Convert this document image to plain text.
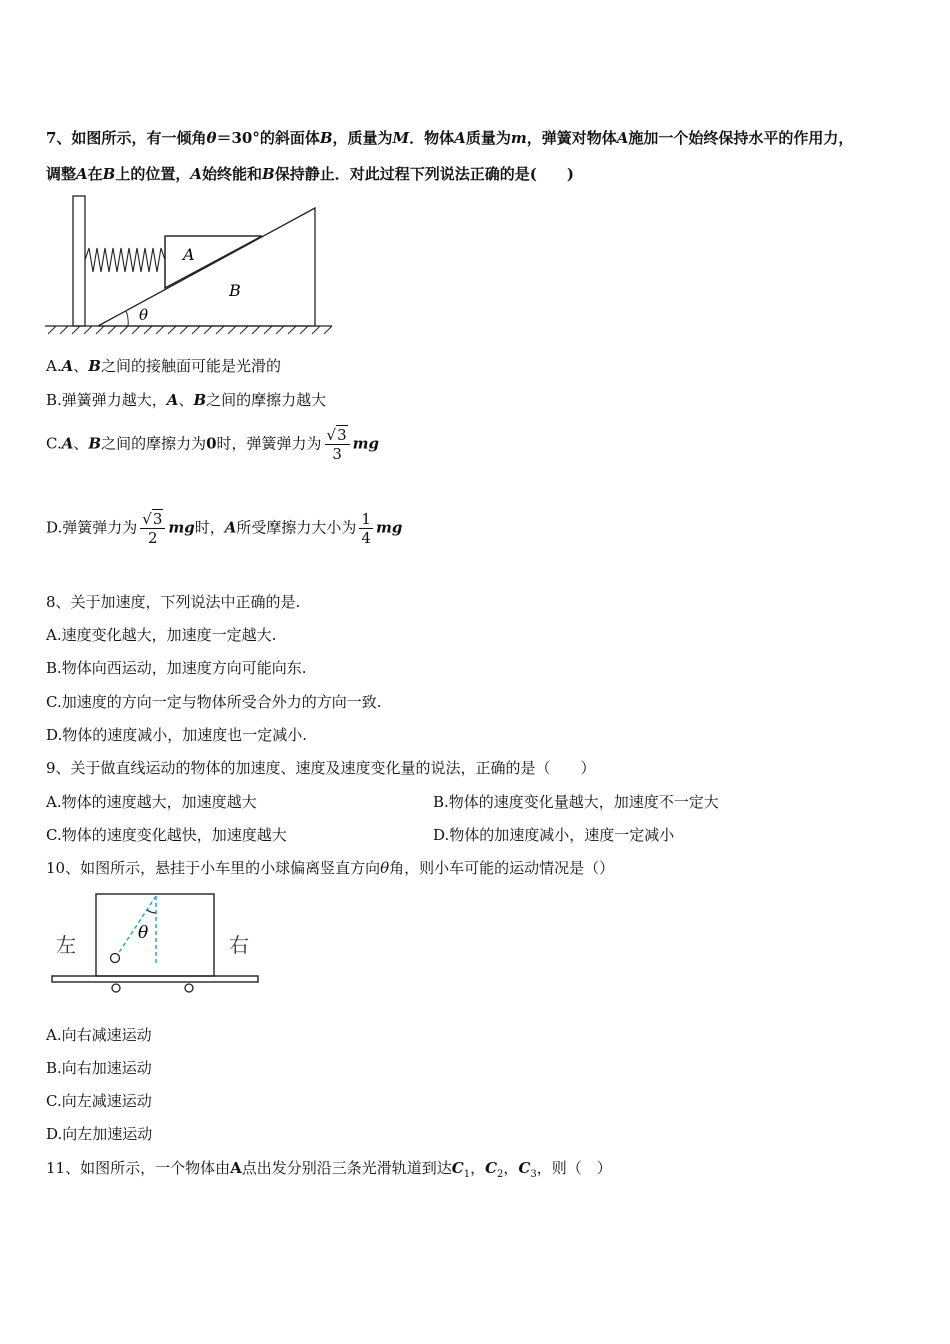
7、如图所示，有一倾角θ＝30°的斜面体B，质量为M．物体A质量为m，弹簧对物体A施加一个始终保持水平的作用力，
调整A在B上的位置，A始终能和B保持静止．对此过程下列说法正确的是(　　)
A
B
θ
A.A、B之间的接触面可能是光滑的
B.弹簧弹力越大，A、B之间的摩擦力越大
C.A、B之间的摩擦力为0时，弹簧弹力为 $\frac{√3}{3}$ mg
D.弹簧弹力为 $\frac{√3}{2}$ mg时，A所受摩擦力大小为 $\frac{1}{4}$ mg
8、关于加速度，下列说法中正确的是.
A.速度变化越大，加速度一定越大.
B.物体向西运动，加速度方向可能向东.
C.加速度的方向一定与物体所受合外力的方向一致.
D.物体的速度减小，加速度也一定减小.
9、关于做直线运动的物体的加速度、速度及速度变化量的说法，正确的是（　　）
A.物体的速度越大，加速度越大	B.物体的速度变化量越大，加速度不一定大
C.物体的速度变化越快，加速度越大	D.物体的加速度减小，速度一定减小
10、如图所示，悬挂于小车里的小球偏离竖直方向θ角，则小车可能的运动情况是（）
θ
左	右
A.向右减速运动
B.向右加速运动
C.向左减速运动
D.向左加速运动
11、如图所示，一个物体由A点出发分别沿三条光滑轨道到达$C_1$，$C_2$，$C_3$，则（　）
